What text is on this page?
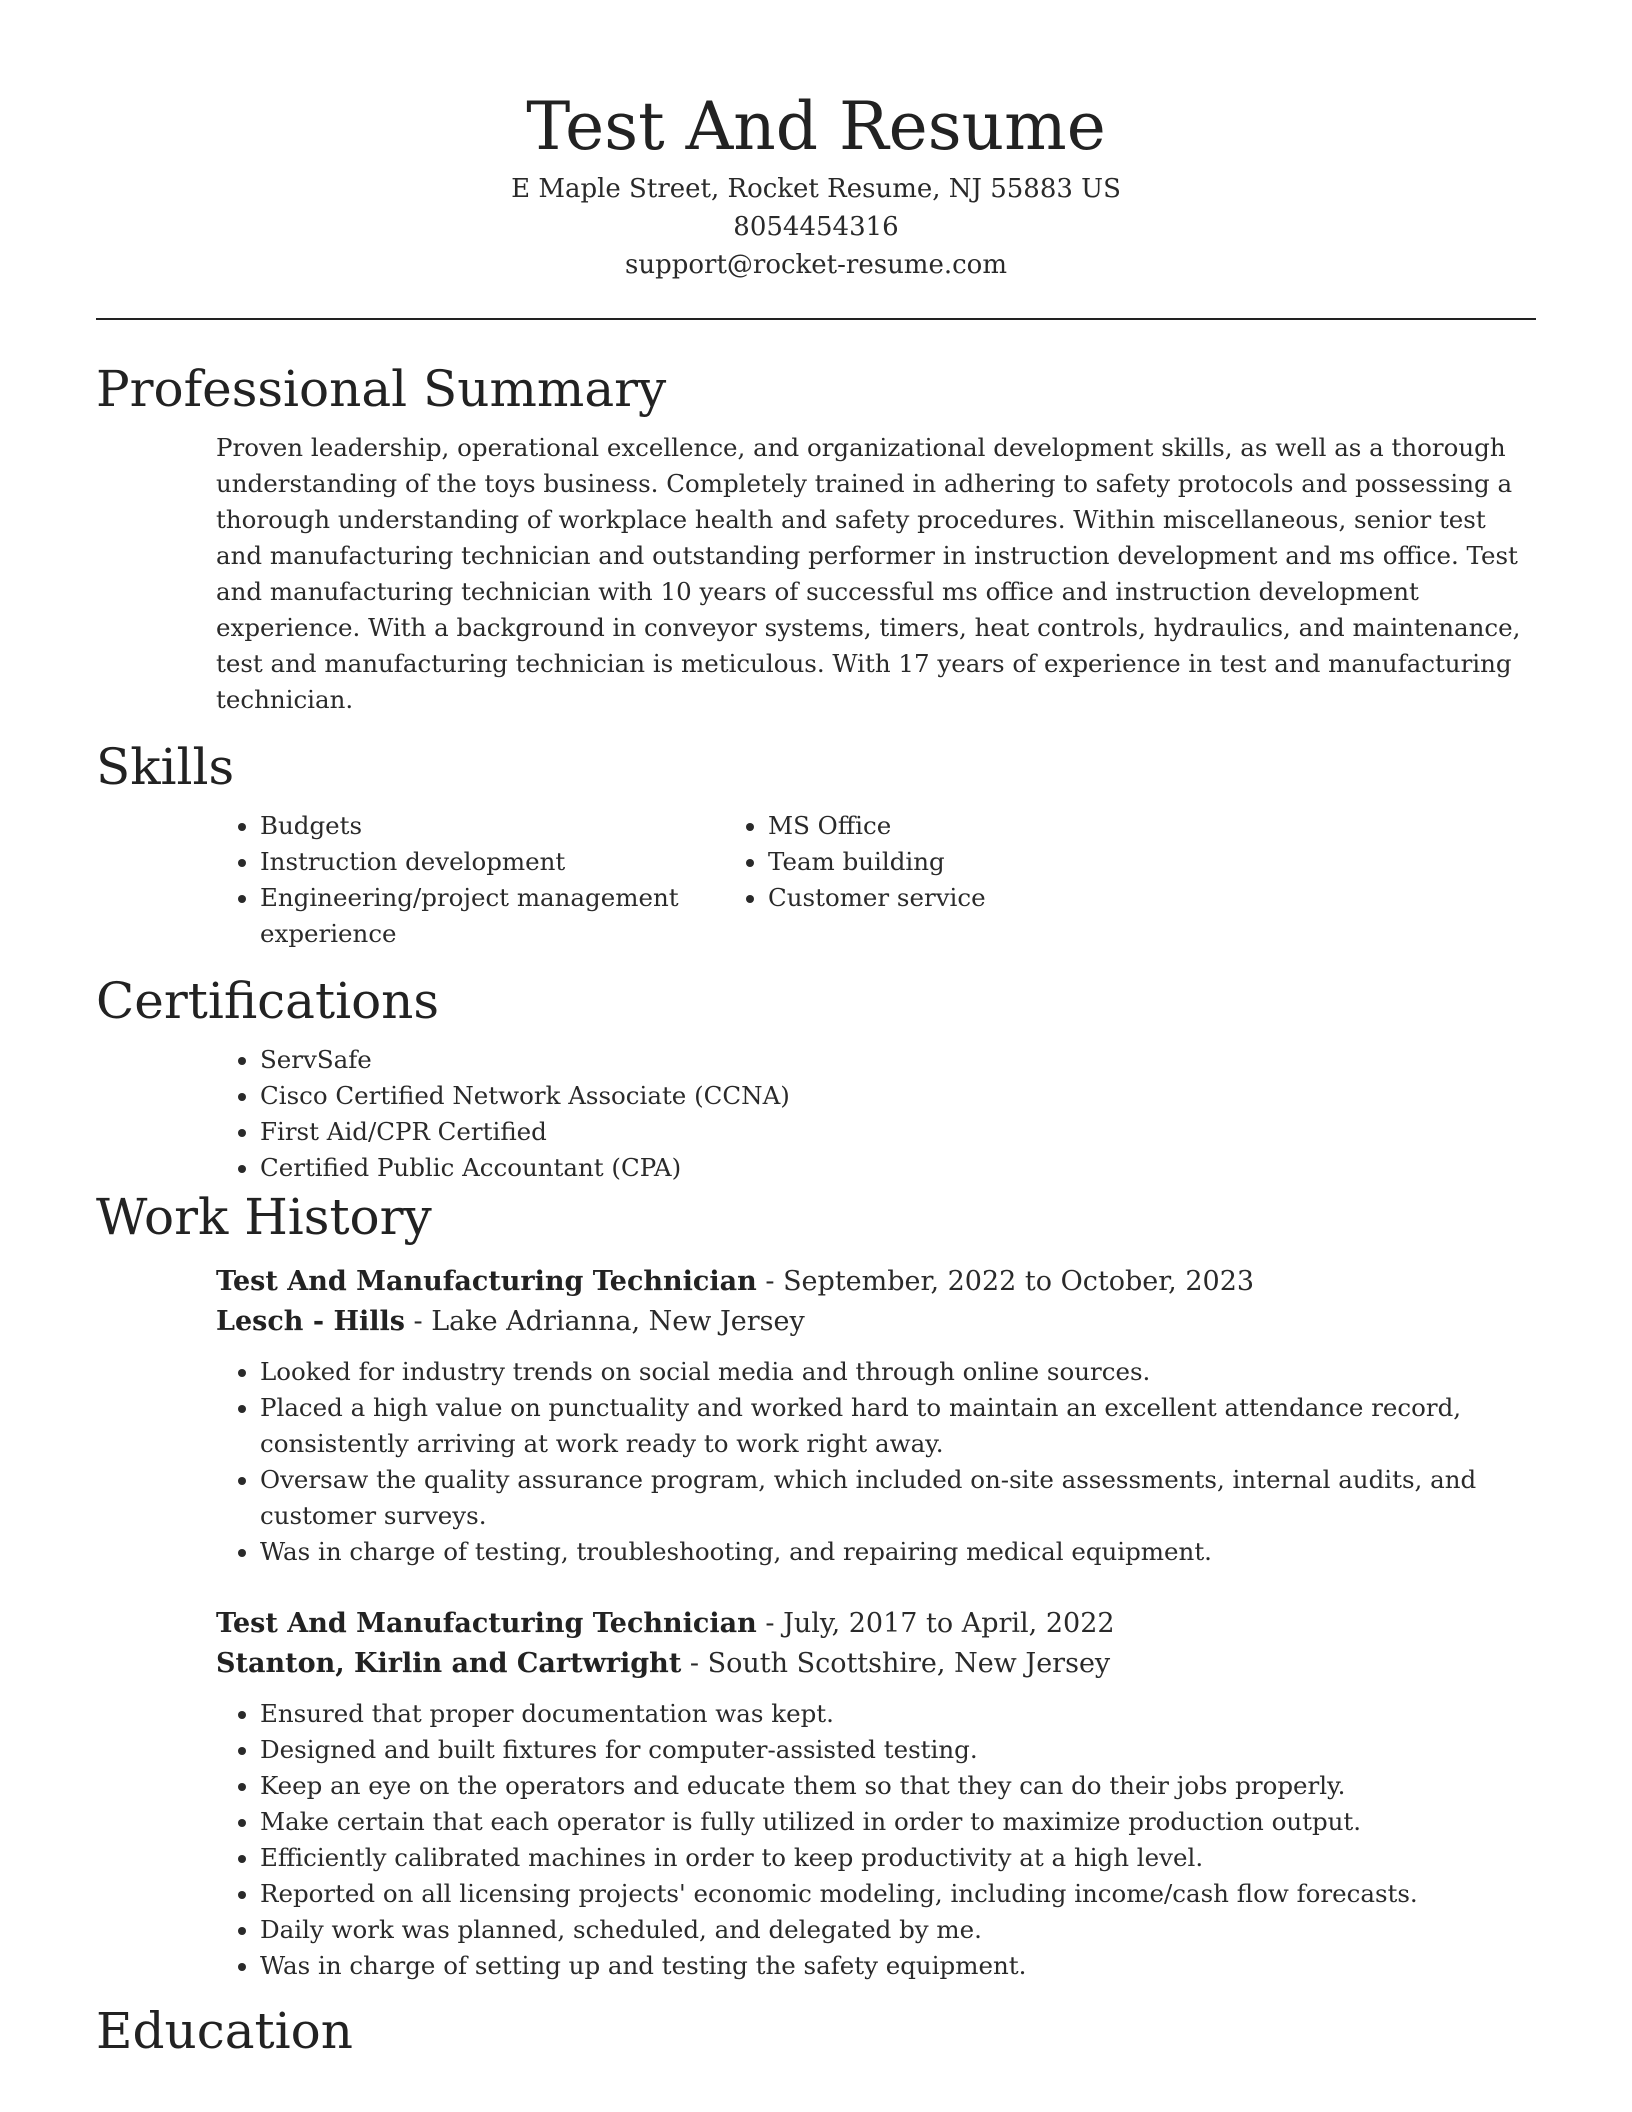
Test And Resume
E Maple Street, Rocket Resume, NJ 55883 US
8054454316
support@rocket-resume.com
Professional Summary
Proven leadership, operational excellence, and organizational development skills, as well as a thorough understanding of the toys business. Completely trained in adhering to safety protocols and possessing a thorough understanding of workplace health and safety procedures. Within miscellaneous, senior test and manufacturing technician and outstanding performer in instruction development and ms office. Test and manufacturing technician with 10 years of successful ms office and instruction development experience. With a background in conveyor systems, timers, heat controls, hydraulics, and maintenance, test and manufacturing technician is meticulous. With 17 years of experience in test and manufacturing technician.
Skills
• Budgets
• Instruction development
• Engineering/project management experience
• MS Office
• Team building
• Customer service
Certifications
• ServSafe
• Cisco Certified Network Associate (CCNA)
• First Aid/CPR Certified
• Certified Public Accountant (CPA)
Work History
Test And Manufacturing Technician - September, 2022 to October, 2023
Lesch - Hills - Lake Adrianna, New Jersey
• Looked for industry trends on social media and through online sources.
• Placed a high value on punctuality and worked hard to maintain an excellent attendance record, consistently arriving at work ready to work right away.
• Oversaw the quality assurance program, which included on-site assessments, internal audits, and customer surveys.
• Was in charge of testing, troubleshooting, and repairing medical equipment.
Test And Manufacturing Technician - July, 2017 to April, 2022
Stanton, Kirlin and Cartwright - South Scottshire, New Jersey
• Ensured that proper documentation was kept.
• Designed and built fixtures for computer-assisted testing.
• Keep an eye on the operators and educate them so that they can do their jobs properly.
• Make certain that each operator is fully utilized in order to maximize production output.
• Efficiently calibrated machines in order to keep productivity at a high level.
• Reported on all licensing projects' economic modeling, including income/cash flow forecasts.
• Daily work was planned, scheduled, and delegated by me.
• Was in charge of setting up and testing the safety equipment.
Education
